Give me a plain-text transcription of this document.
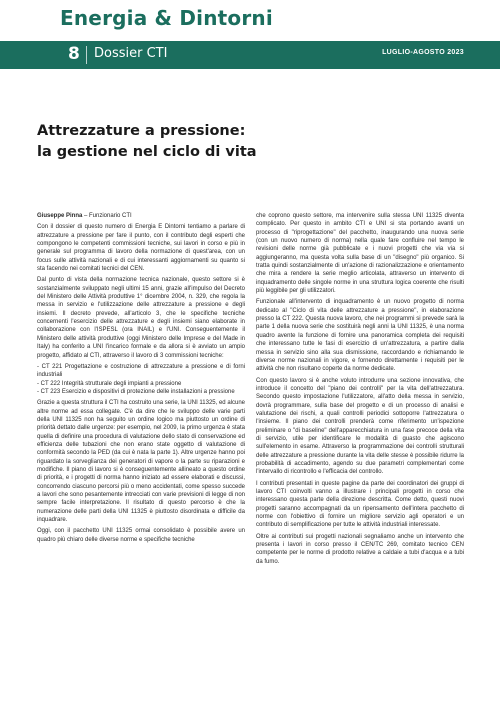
Energia & Dintorni
8 Dossier CTI	LUGLIO-AGOSTO 2023
Attrezzature a pressione:
la gestione nel ciclo di vita

Giuseppe Pinna – Funzionario CTI

Con il dossier di questo numero di Energia E Dintorni tentiamo a parlare di attrezzature a pressione per fare il punto, con il contributo degli esperti che compongono le competenti commissioni tecniche, sui lavori in corso e più in generale sul programma di lavoro della normazione di quest'area, con un focus sulle attività nazionali e di cui interessanti aggiornamenti su quanto si sta facendo nei comitati tecnici del CEN.

Dal punto di vista della normazione tecnica nazionale, questo settore si è sostanzialmente sviluppato negli ultimi 15 anni, grazie all'impulso del Decreto del Ministero delle Attività produttive 1° dicembre 2004, n. 329, che regola la messa in servizio e l'utilizzazione delle attrezzature a pressione e degli insiemi. Il decreto prevede, all'articolo 3, che le specifiche tecniche concernenti l'esercizio delle attrezzature e degli insiemi siano elaborate in collaborazione con l'ISPESL (ora INAIL) e l'UNI. Conseguentemente il Ministero delle attività produttive (oggi Ministero delle Imprese e del Made in Italy) ha conferito a UNI l'incarico formale e da allora si è avviato un ampio progetto, affidato al CTI, attraverso il lavoro di 3 commissioni tecniche:

- CT 221 Progettazione e costruzione di attrezzature a pressione e di forni industriali
- CT 222 Integrità strutturale degli impianti a pressione
- CT 223 Esercizio e dispositivi di protezione delle installazioni a pressione

Grazie a questa struttura il CTI ha costruito una serie, la UNI 11325, ed alcune altre norme ad essa collegate. C'è da dire che le sviluppo delle varie parti della UNI 11325 non ha seguito un ordine logico ma piuttosto un ordine di priorità dettato dalle urgenze: per esempio, nel 2009, la primo urgenza è stata quella di definire una procedura di valutazione dello stato di conservazione ed efficienza delle tubazioni che non erano state oggetto di valutazione di conformità secondo la PED (da cui è nata la parte 1). Altre urgenze hanno poi riguardato la sorveglianza dei generatori di vapore o la parte su riparazioni e modifiche. Il piano di lavoro si è conseguentemente allineato a questo ordine di priorità, e i progetti di norma hanno iniziato ad essere elaborati e discussi, concorrendo ciascuno percorsi più o meno accidentati, come spesso succede a lavori che sono pesantemente intrecciati con varie previsioni di legge di non sempre facile interpretazione. Il risultato di questo percorso è che la numerazione delle parti della UNI 11325 è piuttosto disordinata e difficile da inquadrare.

Oggi, con il pacchetto UNI 11325 ormai consolidato è possibile avere un quadro più chiaro delle diverse norme e specifiche tecniche

che coprono questo settore, ma intervenire sulla stessa UNI 11325 diventa complicato. Per questo in ambito CTI e UNI si sta portando avanti un processo di "riprogettazione" del pacchetto, inaugurando una nuova serie (con un nuovo numero di norma) nella quale fare confluire nel tempo le revisioni delle norme già pubblicate e i nuovi progetti che via via si aggiungeranno, ma questa volta sulla base di un "disegno" più organico. Si tratta quindi sostanzialmente di un'azione di razionalizzazione e orientamento che mira a rendere la serie meglio articolata, attraverso un intervento di inquadramento delle singole norme in una struttura logica coerente che risulti più leggibile per gli utilizzatori.

Funzionale all'intervento di inquadramento è un nuovo progetto di norma dedicato al "Ciclo di vita delle attrezzature a pressione", in elaborazione presso la CT 222. Questa nuova lavoro, che nei programmi si prevede sarà la parte 1 della nuova serie che sostituirà negli anni la UNI 11325, è una norma quadro avente la funzione di fornire una panoramica completa dei requisiti che interessano tutte le fasi di esercizio di un'attrezzatura, a partire dalla messa in servizio sino alla sua dismissione, raccordando e richiamando le diverse norme nazionali in vigore, e fornendo direttamente i requisiti per le attività che non risultano coperte da norme dedicate.

Con questo lavoro si è anche voluto introdurre una sezione innovativa, che introduce il concetto del "piano dei controlli" per la vita dell'attrezzatura. Secondo questo impostazione l'utilizzatore, all'atto della messa in servizio, dovrà programmare, sulla base del progetto e di un processo di analisi e valutazione dei rischi, a quali controlli periodici sottoporre l'attrezzatura o l'insieme. Il piano dei controlli prenderà come riferimento un'ispezione preliminare o "di baseline" dell'apparecchiatura in una fase precoce della vita di servizio, utile per identificare le modalità di guasto che agiscono sull'elemento in esame. Attraverso la programmazione dei controlli strutturali delle attrezzature a pressione durante la vita delle stesse è possibile ridurre la probabilità di accadimento, agendo su due parametri complementari come l'intervallo di ricontrollo e l'efficacia del controllo.

I contributi presentati in queste pagine da parte dei coordinatori dei gruppi di lavoro CTI coinvolti vanno a illustrare i principali progetti in corso che interessano questa parte della direzione descritta. Come detto, questi nuovi progetti saranno accompagnati da un ripensamento dell'intera pacchetto di norme con l'obiettivo di fornire un migliore servizio agli operatori e un contributo di semplificazione per tutte le attività industriali interessate.

Oltre ai contributi sui progetti nazionali segnaliamo anche un intervento che presenta i lavori in corso presso il CEN/TC 269, comitato tecnico CEN competente per le norme di prodotto relative a caldaie a tubi d'acqua e a tubi da fumo.
